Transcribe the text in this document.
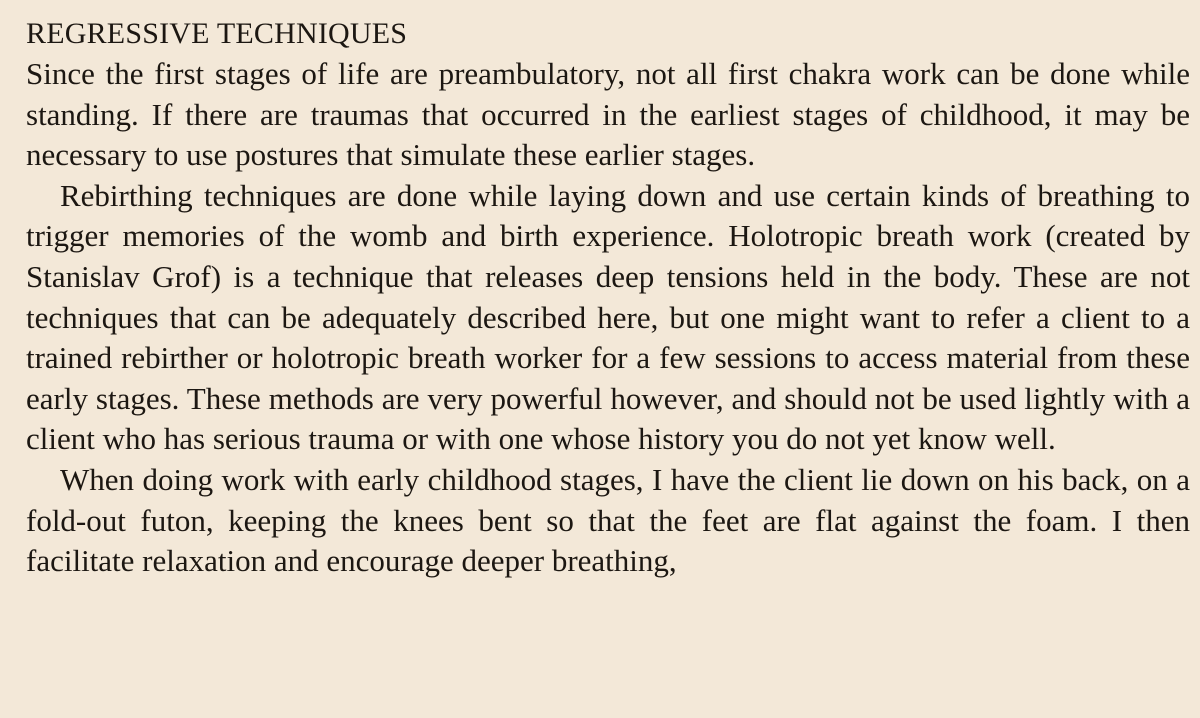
REGRESSIVE TECHNIQUES

Since the first stages of life are preambulatory, not all first chakra work can be done while standing. If there are traumas that occurred in the earliest stages of childhood, it may be necessary to use postures that simulate these earlier stages.

Rebirthing techniques are done while laying down and use certain kinds of breathing to trigger memories of the womb and birth experience. Holotropic breath work (created by Stanislav Grof) is a technique that releases deep tensions held in the body. These are not techniques that can be adequately described here, but one might want to refer a client to a trained rebirther or holotropic breath worker for a few sessions to access material from these early stages. These methods are very powerful however, and should not be used lightly with a client who has serious trauma or with one whose history you do not yet know well.

When doing work with early childhood stages, I have the client lie down on his back, on a fold-out futon, keeping the knees bent so that the feet are flat against the foam. I then facilitate relaxation and encourage deeper breathing,
